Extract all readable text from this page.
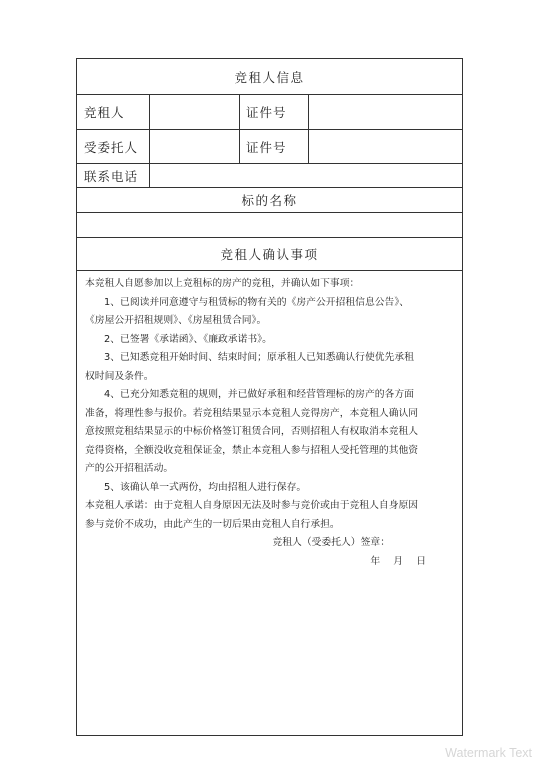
竞租人信息
竞租人	证件号
受委托人	证件号
联系电话
标的名称
竞租人确认事项

本竞租人自愿参加以上竞租标的房产的竞租，并确认如下事项：

1、已阅读并同意遵守与租赁标的物有关的《房产公开招租信息公告》、

《房屋公开招租规则》、《房屋租赁合同》。

2、已签署《承诺函》、《廉政承诺书》。

3、已知悉竞租开始时间、结束时间；原承租人已知悉确认行使优先承租

权时间及条件。

4、已充分知悉竞租的规则，并已做好承租和经营管理标的房产的各方面

准备，将理性参与报价。若竞租结果显示本竞租人竞得房产，本竞租人确认同

意按照竞租结果显示的中标价格签订租赁合同，否则招租人有权取消本竞租人

竞得资格，全额没收竞租保证金，禁止本竞租人参与招租人受托管理的其他资

产的公开招租活动。

5、该确认单一式两份，均由招租人进行保存。

本竞租人承诺：由于竞租人自身原因无法及时参与竞价或由于竞租人自身原因

参与竞价不成功，由此产生的一切后果由竞租人自行承担。

竞租人（受委托人）签章：

年 月 日

Watermark Text
